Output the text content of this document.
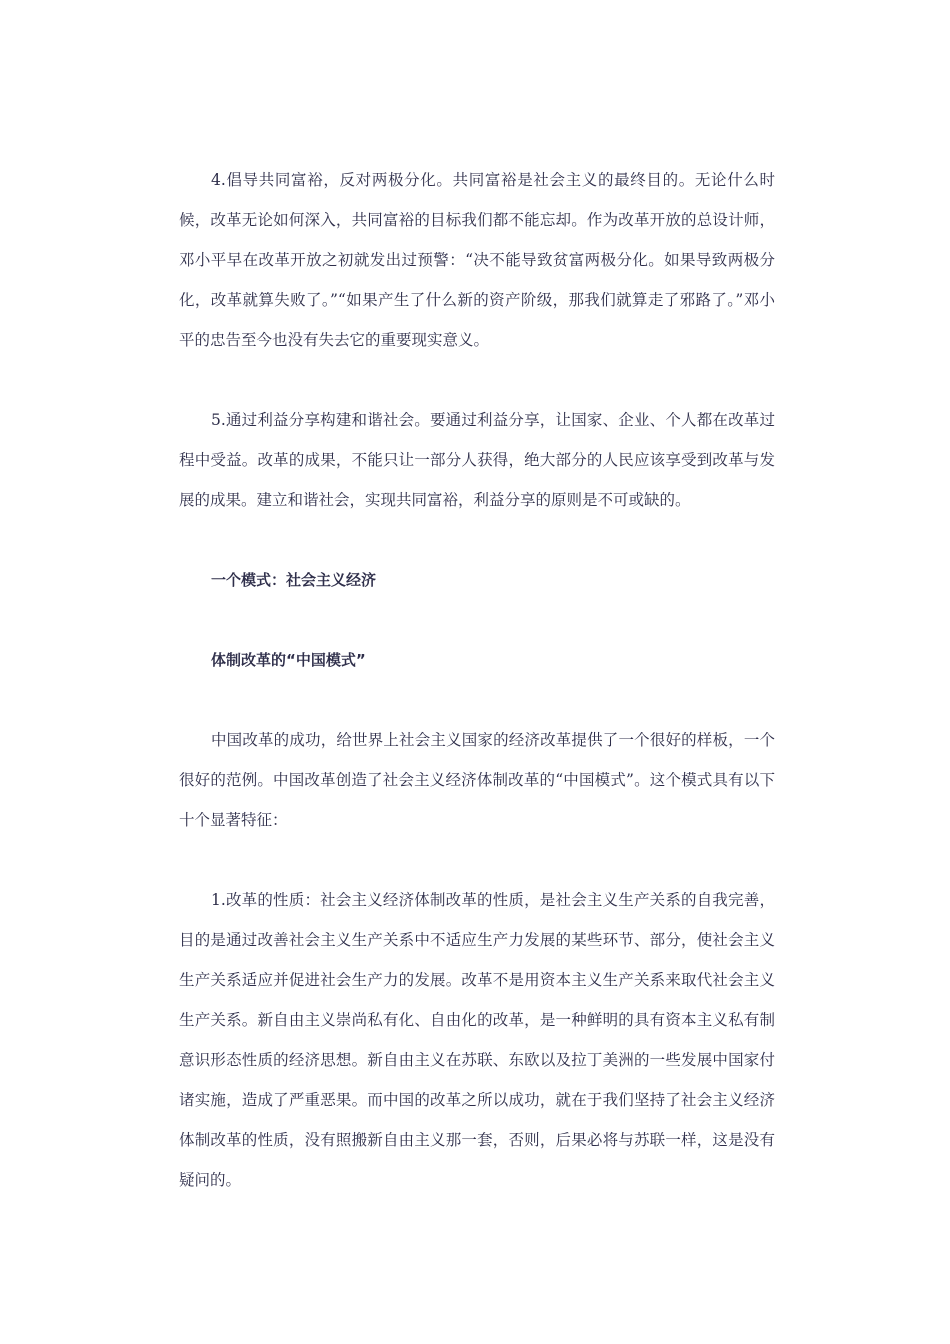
4.倡导共同富裕，反对两极分化。共同富裕是社会主义的最终目的。无论什么时候，改革无论如何深入，共同富裕的目标我们都不能忘却。作为改革开放的总设计师，邓小平早在改革开放之初就发出过预警：“决不能导致贫富两极分化。如果导致两极分化，改革就算失败了。”“如果产生了什么新的资产阶级，那我们就算走了邪路了。”邓小平的忠告至今也没有失去它的重要现实意义。

5.通过利益分享构建和谐社会。要通过利益分享，让国家、企业、个人都在改革过程中受益。改革的成果，不能只让一部分人获得，绝大部分的人民应该享受到改革与发展的成果。建立和谐社会，实现共同富裕，利益分享的原则是不可或缺的。

一个模式：社会主义经济

体制改革的“中国模式”

中国改革的成功，给世界上社会主义国家的经济改革提供了一个很好的样板，一个很好的范例。中国改革创造了社会主义经济体制改革的“中国模式”。这个模式具有以下十个显著特征：

1.改革的性质：社会主义经济体制改革的性质，是社会主义生产关系的自我完善，目的是通过改善社会主义生产关系中不适应生产力发展的某些环节、部分，使社会主义生产关系适应并促进社会生产力的发展。改革不是用资本主义生产关系来取代社会主义生产关系。新自由主义崇尚私有化、自由化的改革，是一种鲜明的具有资本主义私有制意识形态性质的经济思想。新自由主义在苏联、东欧以及拉丁美洲的一些发展中国家付诸实施，造成了严重恶果。而中国的改革之所以成功，就在于我们坚持了社会主义经济体制改革的性质，没有照搬新自由主义那一套，否则，后果必将与苏联一样，这是没有疑问的。
